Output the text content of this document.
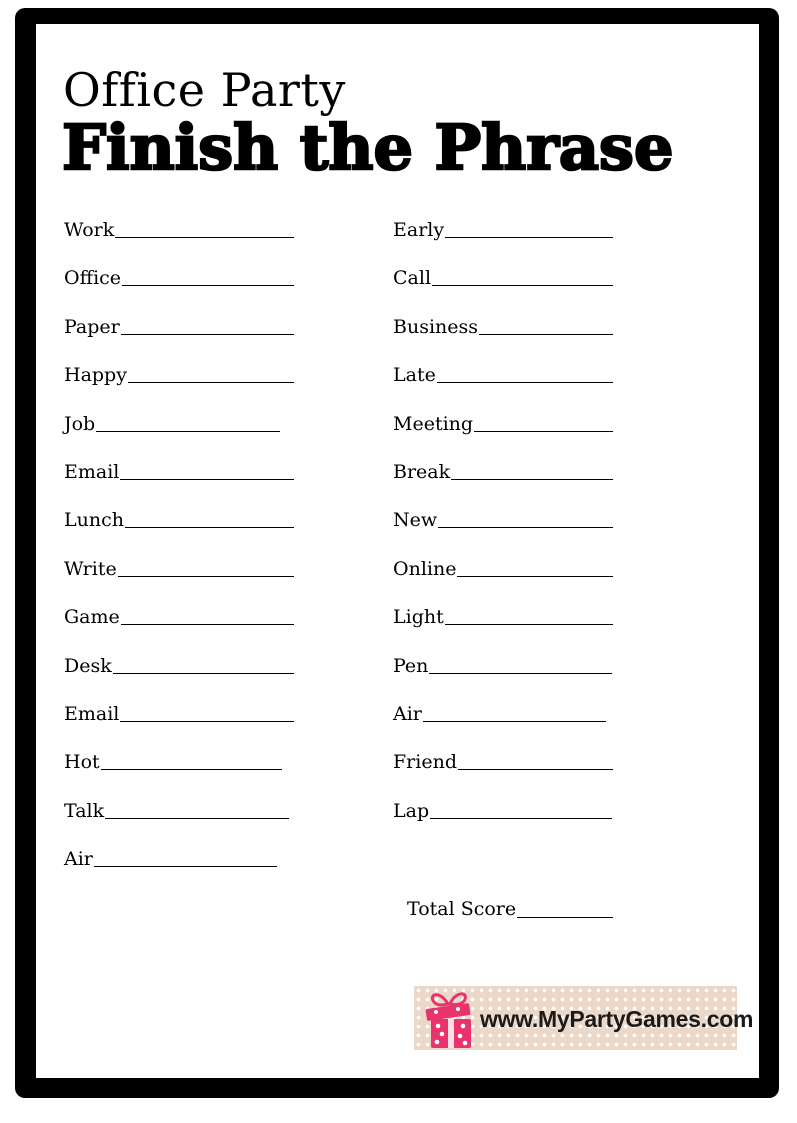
Office Party
Finish the Phrase
Work
Office
Paper
Happy
Job
Email
Lunch
Write
Game
Desk
Email
Hot
Talk
Air
Early
Call
Business
Late
Meeting
Break
New
Online
Light
Pen
Air
Friend
Lap
Total Score
www.MyPartyGames.com
